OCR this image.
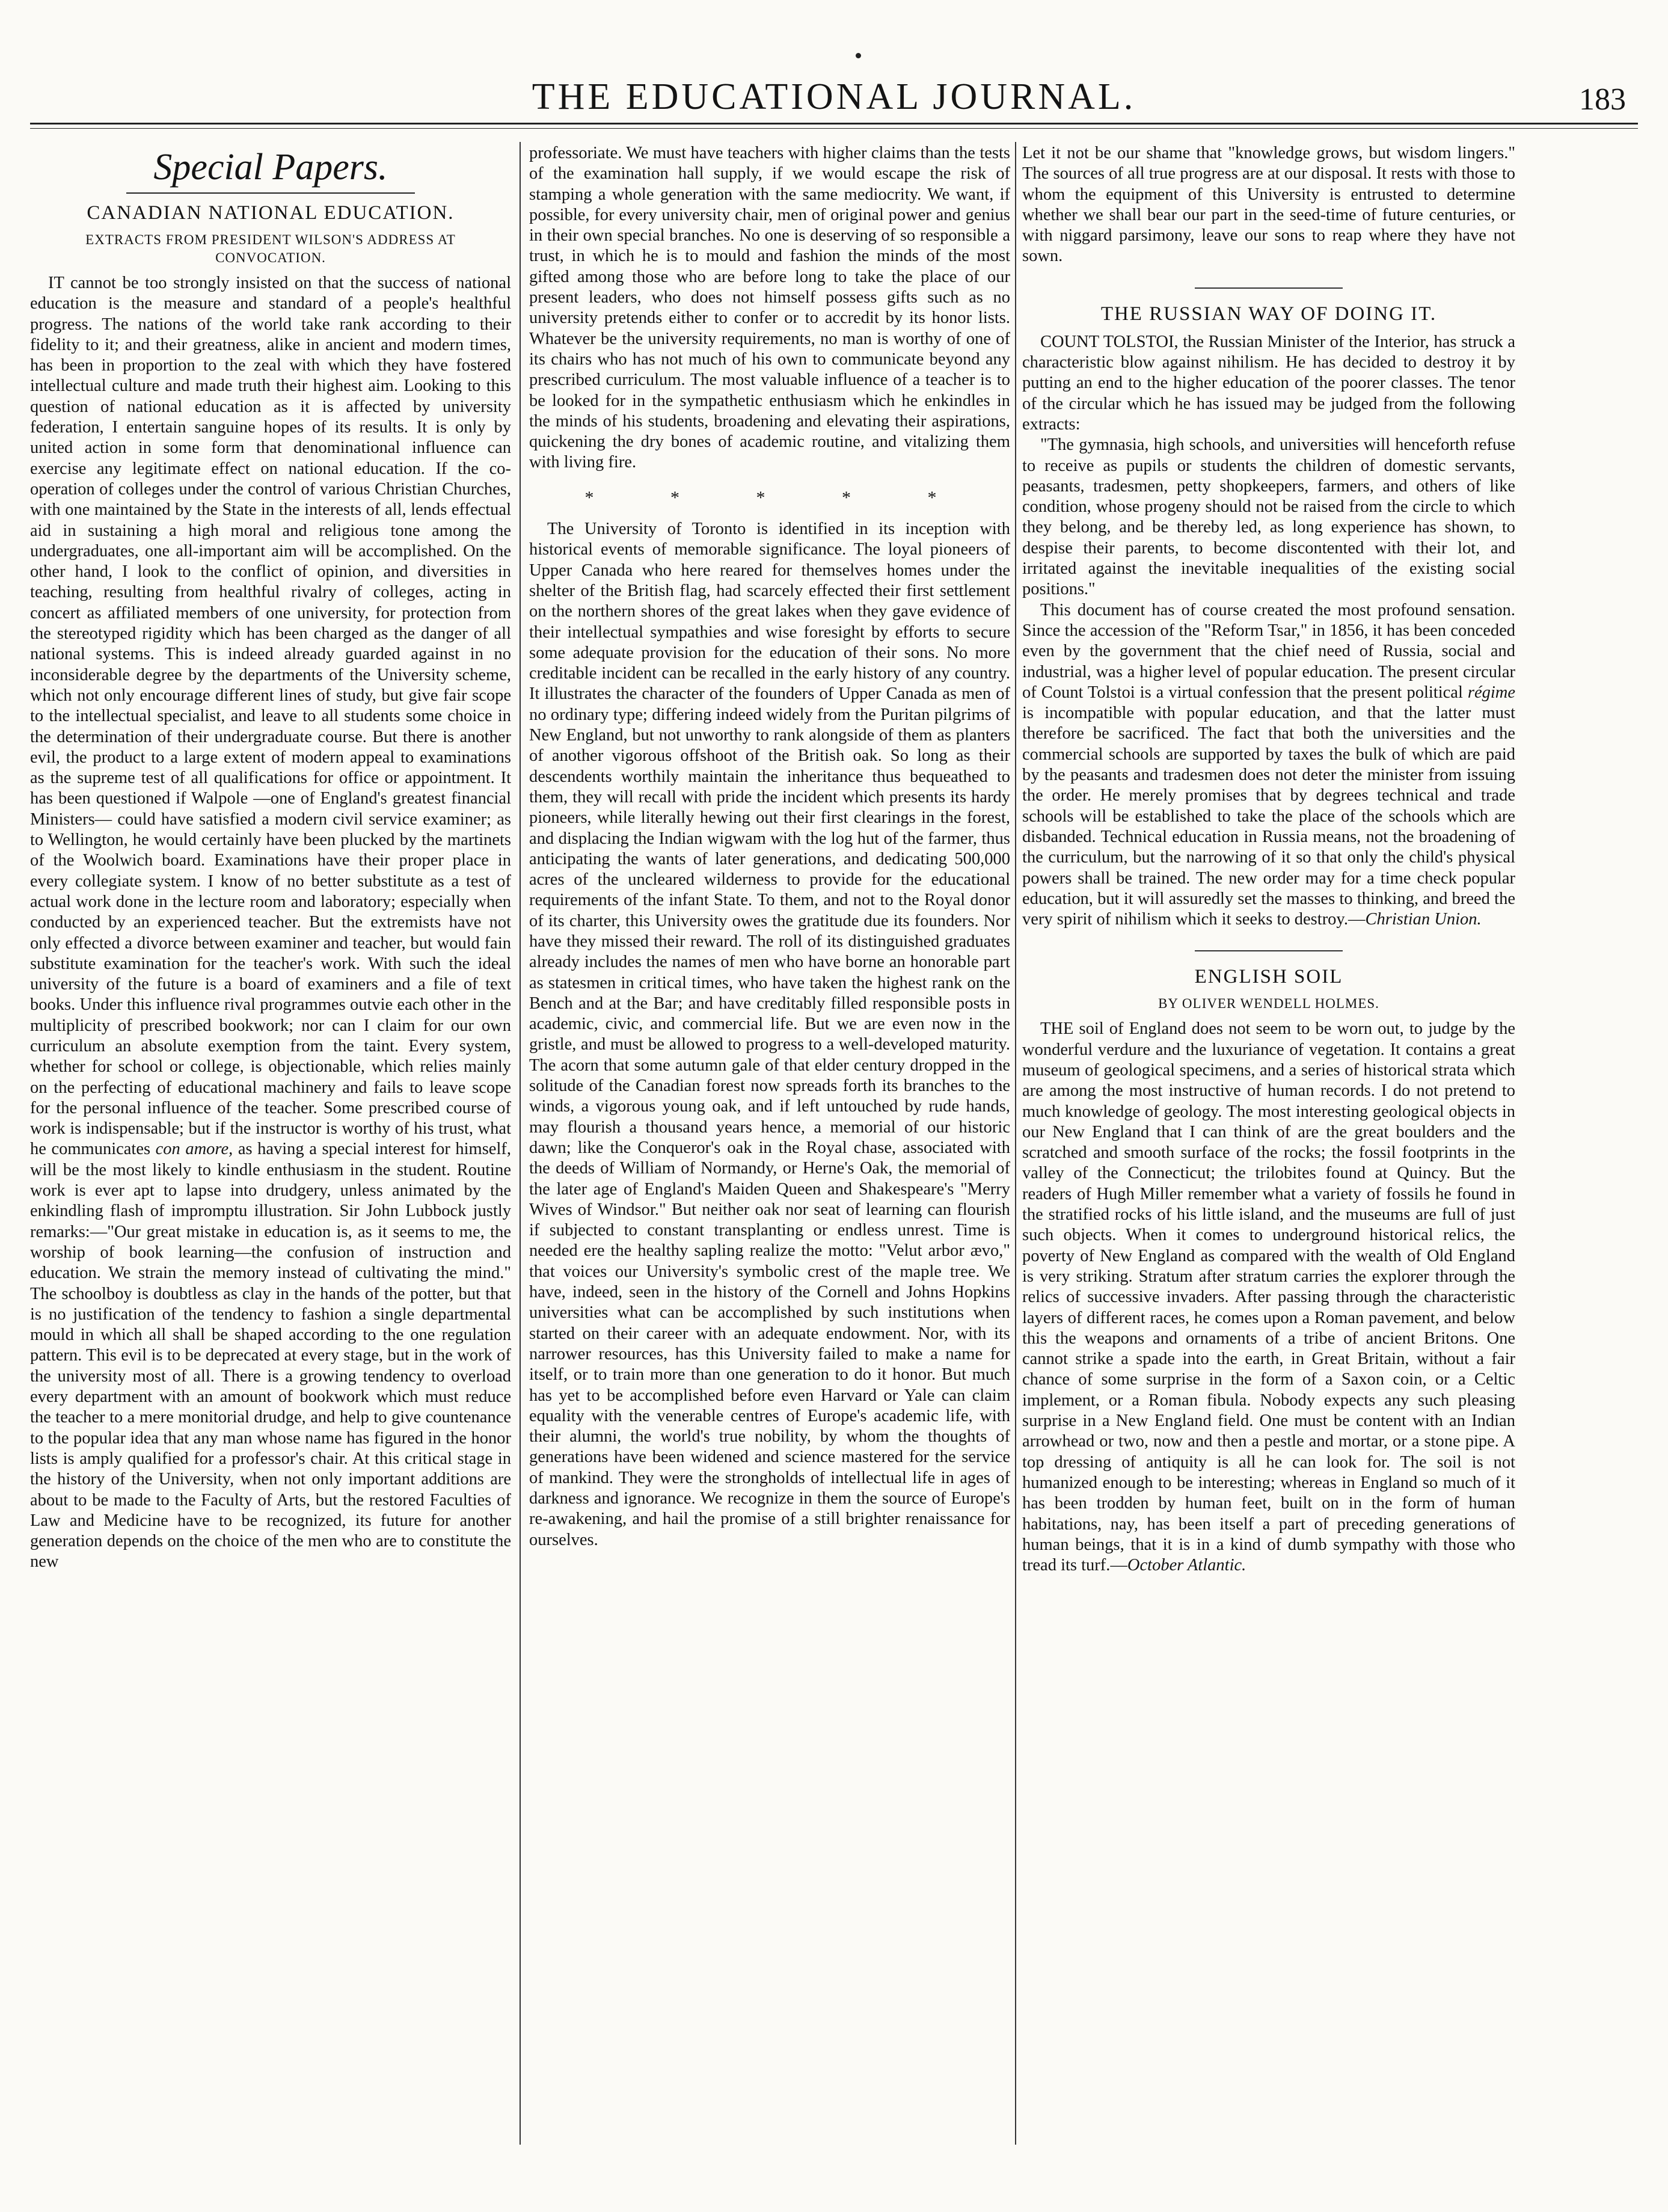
THE EDUCATIONAL JOURNAL.	183
Special Papers.
CANADIAN NATIONAL EDUCATION.
EXTRACTS FROM PRESIDENT WILSON'S ADDRESS AT CONVOCATION.

IT cannot be too strongly insisted on that the success of national education is the measure and standard of a people's healthful progress. The nations of the world take rank according to their fidelity to it; and their greatness, alike in ancient and modern times, has been in proportion to the zeal with which they have fostered intellectual culture and made truth their highest aim. Looking to this question of national education as it is affected by university federation, I entertain sanguine hopes of its results. It is only by united action in some form that denominational influence can exercise any legitimate effect on national education. If the co-operation of colleges under the control of various Christian Churches, with one maintained by the State in the interests of all, lends effectual aid in sustaining a high moral and religious tone among the undergraduates, one all-important aim will be accomplished. On the other hand, I look to the conflict of opinion, and diversities in teaching, resulting from healthful rivalry of colleges, acting in concert as affiliated members of one university, for protection from the stereotyped rigidity which has been charged as the danger of all national systems. This is indeed already guarded against in no inconsiderable degree by the departments of the University scheme, which not only encourage different lines of study, but give fair scope to the intellectual specialist, and leave to all students some choice in the determination of their undergraduate course. But there is another evil, the product to a large extent of modern appeal to examinations as the supreme test of all qualifications for office or appointment. It has been questioned if Walpole —one of England's greatest financial Ministers— could have satisfied a modern civil service examiner; as to Wellington, he would certainly have been plucked by the martinets of the Woolwich board. Examinations have their proper place in every collegiate system. I know of no better substitute as a test of actual work done in the lecture room and laboratory; especially when conducted by an experienced teacher. But the extremists have not only effected a divorce between examiner and teacher, but would fain substitute examination for the teacher's work. With such the ideal university of the future is a board of examiners and a file of text books. Under this influence rival programmes outvie each other in the multiplicity of prescribed bookwork; nor can I claim for our own curriculum an absolute exemption from the taint. Every system, whether for school or college, is objectionable, which relies mainly on the perfecting of educational machinery and fails to leave scope for the personal influence of the teacher. Some prescribed course of work is indispensable; but if the instructor is worthy of his trust, what he communicates con amore, as having a special interest for himself, will be the most likely to kindle enthusiasm in the student. Routine work is ever apt to lapse into drudgery, unless animated by the enkindling flash of impromptu illustration. Sir John Lubbock justly remarks:—"Our great mistake in education is, as it seems to me, the worship of book learning—the confusion of instruction and education. We strain the memory instead of cultivating the mind." The schoolboy is doubtless as clay in the hands of the potter, but that is no justification of the tendency to fashion a single departmental mould in which all shall be shaped according to the one regulation pattern. This evil is to be deprecated at every stage, but in the work of the university most of all. There is a growing tendency to overload every department with an amount of bookwork which must reduce the teacher to a mere monitorial drudge, and help to give countenance to the popular idea that any man whose name has figured in the honor lists is amply qualified for a professor's chair. At this critical stage in the history of the University, when not only important additions are about to be made to the Faculty of Arts, but the restored Faculties of Law and Medicine have to be recognized, its future for another generation depends on the choice of the men who are to constitute the new

professoriate. We must have teachers with higher claims than the tests of the examination hall supply, if we would escape the risk of stamping a whole generation with the same mediocrity. We want, if possible, for every university chair, men of original power and genius in their own special branches. No one is deserving of so responsible a trust, in which he is to mould and fashion the minds of the most gifted among those who are before long to take the place of our present leaders, who does not himself possess gifts such as no university pretends either to confer or to accredit by its honor lists. Whatever be the university requirements, no man is worthy of one of its chairs who has not much of his own to communicate beyond any prescribed curriculum. The most valuable influence of a teacher is to be looked for in the sympathetic enthusiasm which he enkindles in the minds of his students, broadening and elevating their aspirations, quickening the dry bones of academic routine, and vitalizing them with living fire.

* * * * *

The University of Toronto is identified in its inception with historical events of memorable significance. The loyal pioneers of Upper Canada who here reared for themselves homes under the shelter of the British flag, had scarcely effected their first settlement on the northern shores of the great lakes when they gave evidence of their intellectual sympathies and wise foresight by efforts to secure some adequate provision for the education of their sons. No more creditable incident can be recalled in the early history of any country. It illustrates the character of the founders of Upper Canada as men of no ordinary type; differing indeed widely from the Puritan pilgrims of New England, but not unworthy to rank alongside of them as planters of another vigorous offshoot of the British oak. So long as their descendents worthily maintain the inheritance thus bequeathed to them, they will recall with pride the incident which presents its hardy pioneers, while literally hewing out their first clearings in the forest, and displacing the Indian wigwam with the log hut of the farmer, thus anticipating the wants of later generations, and dedicating 500,000 acres of the uncleared wilderness to provide for the educational requirements of the infant State. To them, and not to the Royal donor of its charter, this University owes the gratitude due its founders. Nor have they missed their reward. The roll of its distinguished graduates already includes the names of men who have borne an honorable part as statesmen in critical times, who have taken the highest rank on the Bench and at the Bar; and have creditably filled responsible posts in academic, civic, and commercial life. But we are even now in the gristle, and must be allowed to progress to a well-developed maturity. The acorn that some autumn gale of that elder century dropped in the solitude of the Canadian forest now spreads forth its branches to the winds, a vigorous young oak, and if left untouched by rude hands, may flourish a thousand years hence, a memorial of our historic dawn; like the Conqueror's oak in the Royal chase, associated with the deeds of William of Normandy, or Herne's Oak, the memorial of the later age of England's Maiden Queen and Shakespeare's "Merry Wives of Windsor." But neither oak nor seat of learning can flourish if subjected to constant transplanting or endless unrest. Time is needed ere the healthy sapling realize the motto: "Velut arbor ævo," that voices our University's symbolic crest of the maple tree. We have, indeed, seen in the history of the Cornell and Johns Hopkins universities what can be accomplished by such institutions when started on their career with an adequate endowment. Nor, with its narrower resources, has this University failed to make a name for itself, or to train more than one generation to do it honor. But much has yet to be accomplished before even Harvard or Yale can claim equality with the venerable centres of Europe's academic life, with their alumni, the world's true nobility, by whom the thoughts of generations have been widened and science mastered for the service of mankind. They were the strongholds of intellectual life in ages of darkness and ignorance. We recognize in them the source of Europe's re-awakening, and hail the promise of a still brighter renaissance for ourselves.

Let it not be our shame that "knowledge grows, but wisdom lingers." The sources of all true progress are at our disposal. It rests with those to whom the equipment of this University is entrusted to determine whether we shall bear our part in the seed-time of future centuries, or with niggard parsimony, leave our sons to reap where they have not sown.

THE RUSSIAN WAY OF DOING IT.

COUNT TOLSTOI, the Russian Minister of the Interior, has struck a characteristic blow against nihilism. He has decided to destroy it by putting an end to the higher education of the poorer classes. The tenor of the circular which he has issued may be judged from the following extracts:

"The gymnasia, high schools, and universities will henceforth refuse to receive as pupils or students the children of domestic servants, peasants, tradesmen, petty shopkeepers, farmers, and others of like condition, whose progeny should not be raised from the circle to which they belong, and be thereby led, as long experience has shown, to despise their parents, to become discontented with their lot, and irritated against the inevitable inequalities of the existing social positions."

This document has of course created the most profound sensation. Since the accession of the "Reform Tsar," in 1856, it has been conceded even by the government that the chief need of Russia, social and industrial, was a higher level of popular education. The present circular of Count Tolstoi is a virtual confession that the present political régime is incompatible with popular education, and that the latter must therefore be sacrificed. The fact that both the universities and the commercial schools are supported by taxes the bulk of which are paid by the peasants and tradesmen does not deter the minister from issuing the order. He merely promises that by degrees technical and trade schools will be established to take the place of the schools which are disbanded. Technical education in Russia means, not the broadening of the curriculum, but the narrowing of it so that only the child's physical powers shall be trained. The new order may for a time check popular education, but it will assuredly set the masses to thinking, and breed the very spirit of nihilism which it seeks to destroy.—Christian Union.

ENGLISH SOIL
BY OLIVER WENDELL HOLMES.

THE soil of England does not seem to be worn out, to judge by the wonderful verdure and the luxuriance of vegetation. It contains a great museum of geological specimens, and a series of historical strata which are among the most instructive of human records. I do not pretend to much knowledge of geology. The most interesting geological objects in our New England that I can think of are the great boulders and the scratched and smooth surface of the rocks; the fossil footprints in the valley of the Connecticut; the trilobites found at Quincy. But the readers of Hugh Miller remember what a variety of fossils he found in the stratified rocks of his little island, and the museums are full of just such objects. When it comes to underground historical relics, the poverty of New England as compared with the wealth of Old England is very striking. Stratum after stratum carries the explorer through the relics of successive invaders. After passing through the characteristic layers of different races, he comes upon a Roman pavement, and below this the weapons and ornaments of a tribe of ancient Britons. One cannot strike a spade into the earth, in Great Britain, without a fair chance of some surprise in the form of a Saxon coin, or a Celtic implement, or a Roman fibula. Nobody expects any such pleasing surprise in a New England field. One must be content with an Indian arrowhead or two, now and then a pestle and mortar, or a stone pipe. A top dressing of antiquity is all he can look for. The soil is not humanized enough to be interesting; whereas in England so much of it has been trodden by human feet, built on in the form of human habitations, nay, has been itself a part of preceding generations of human beings, that it is in a kind of dumb sympathy with those who tread its turf.—October Atlantic.
